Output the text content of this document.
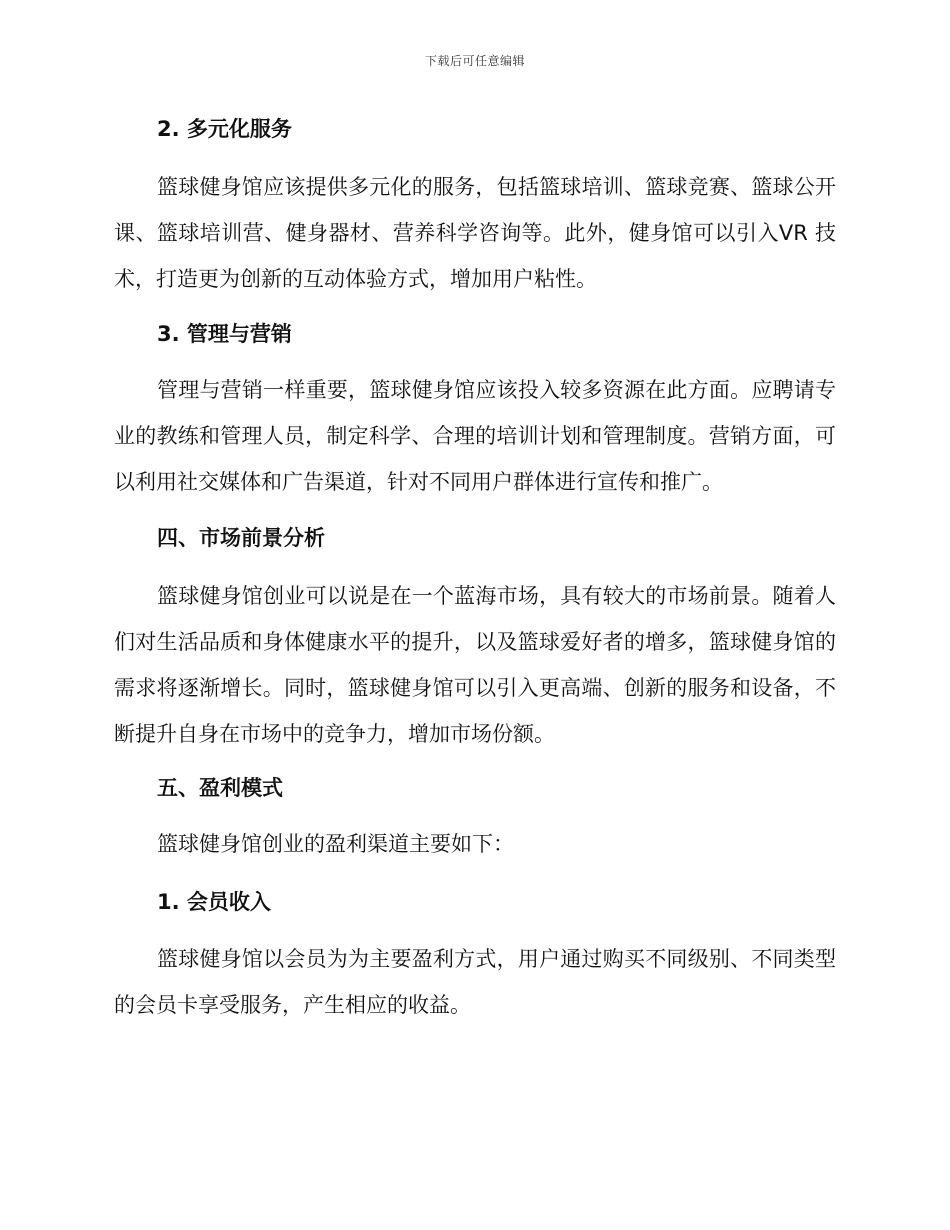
下载后可任意编辑
2. 多元化服务
篮球健身馆应该提供多元化的服务，包括篮球培训、篮球竞赛、篮球公开课、篮球培训营、健身器材、营养科学咨询等。此外，健身馆可以引入VR 技术，打造更为创新的互动体验方式，增加用户粘性。
3. 管理与营销
管理与营销一样重要，篮球健身馆应该投入较多资源在此方面。应聘请专业的教练和管理人员，制定科学、合理的培训计划和管理制度。营销方面，可以利用社交媒体和广告渠道，针对不同用户群体进行宣传和推广。
四、市场前景分析
篮球健身馆创业可以说是在一个蓝海市场，具有较大的市场前景。随着人们对生活品质和身体健康水平的提升，以及篮球爱好者的增多，篮球健身馆的需求将逐渐增长。同时，篮球健身馆可以引入更高端、创新的服务和设备，不断提升自身在市场中的竞争力，增加市场份额。
五、盈利模式
篮球健身馆创业的盈利渠道主要如下：
1. 会员收入
篮球健身馆以会员为为主要盈利方式，用户通过购买不同级别、不同类型的会员卡享受服务，产生相应的收益。
